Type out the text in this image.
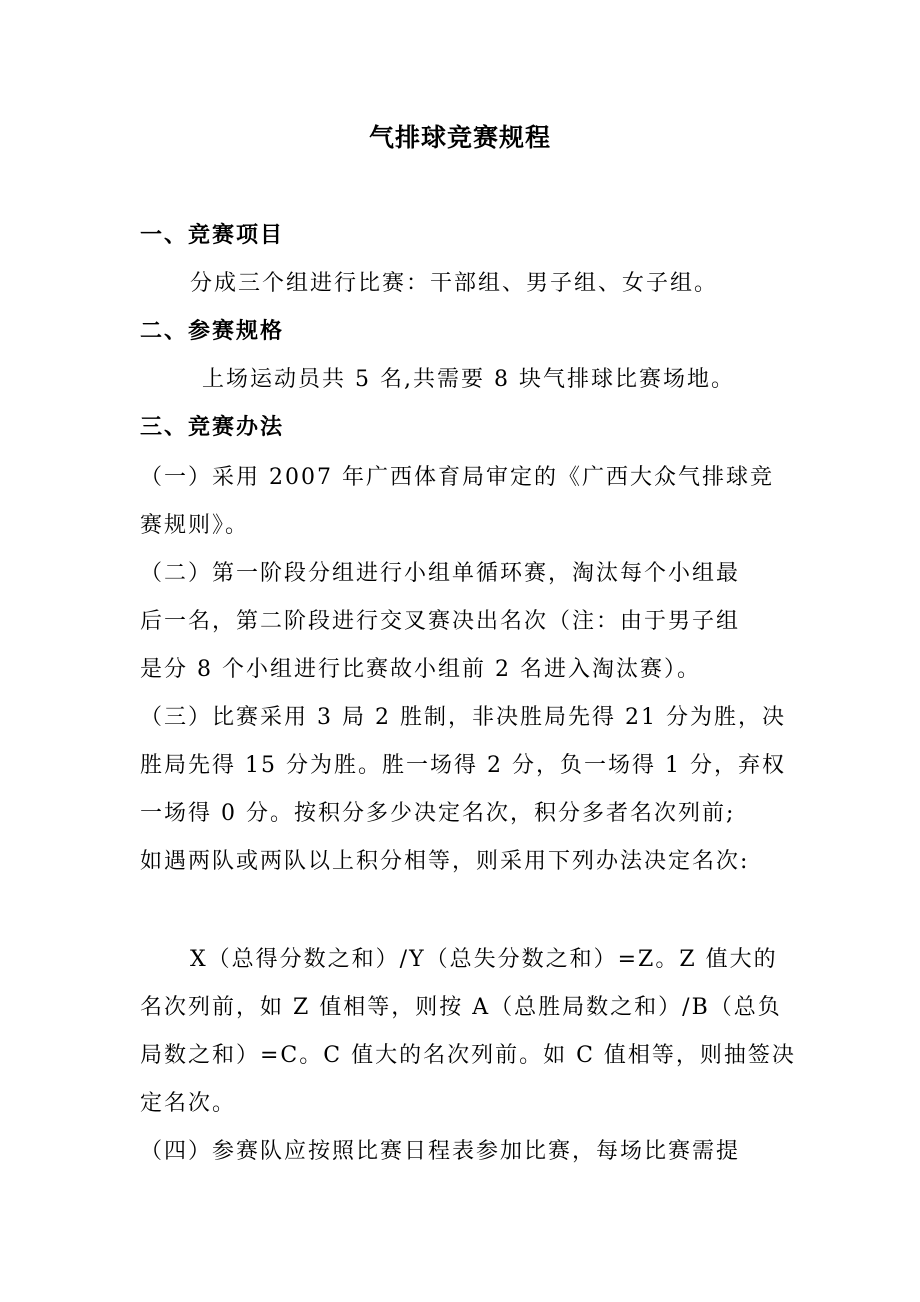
气排球竞赛规程
一、竞赛项目
分成三个组进行比赛：干部组、男子组、女子组。
二、参赛规格
上场运动员共 5 名,共需要 8 块气排球比赛场地。
三、竞赛办法
（一）采用 2007 年广西体育局审定的《广西大众气排球竞
赛规则》。
（二）第一阶段分组进行小组单循环赛，淘汰每个小组最
后一名，第二阶段进行交叉赛决出名次（注：由于男子组
是分 8 个小组进行比赛故小组前 2 名进入淘汰赛）。
（三）比赛采用 3 局 2 胜制，非决胜局先得 21 分为胜，决
胜局先得 15 分为胜。胜一场得 2 分，负一场得 1 分，弃权
一场得 0 分。按积分多少决定名次，积分多者名次列前;
如遇两队或两队以上积分相等，则采用下列办法决定名次:
X（总得分数之和）/Y（总失分数之和）=Z。Z 值大的
名次列前，如 Z 值相等，则按 A（总胜局数之和）/B（总负
局数之和）=C。C 值大的名次列前。如 C 值相等，则抽签决
定名次。
（四）参赛队应按照比赛日程表参加比赛，每场比赛需提
